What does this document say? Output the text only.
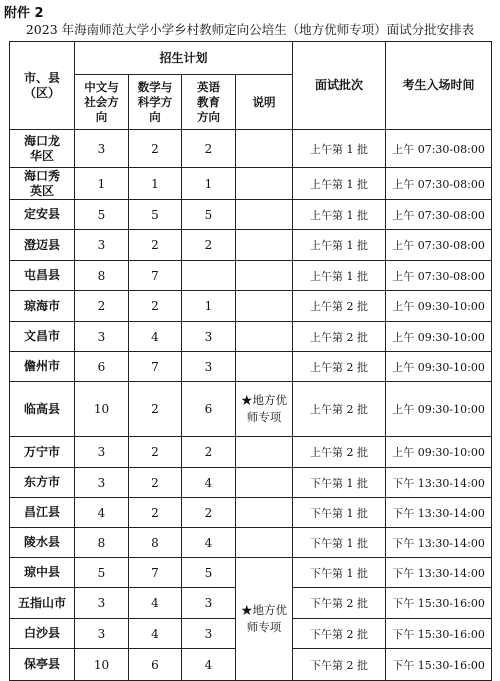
附件 2
2023 年海南师范大学小学乡村教师定向公培生（地方优师专项）面试分批安排表
市、县（区）	招生计划				面试批次	考生入场时间

	中文与社会方向	数学与科学方向	英语教育方向	说明		

海口龙华区	3	2	2		上午第 1 批	上午 07:30-08:00

海口秀英区	1	1	1		上午第 1 批	上午 07:30-08:00
定安县	5	5	5		上午第 1 批	上午 07:30-08:00
澄迈县	3	2	2		上午第 1 批	上午 07:30-08:00
屯昌县	8	7			上午第 1 批	上午 07:30-08:00
琼海市	2	2	1		上午第 2 批	上午 09:30-10:00
文昌市	3	4	3		上午第 2 批	上午 09:30-10:00
儋州市	6	7	3		上午第 2 批	上午 09:30-10:00
临高县	10	2	6	★地方优师专项	上午第 2 批	上午 09:30-10:00
万宁市	3	2	2		上午第 2 批	上午 09:30-10:00
东方市	3	2	4		下午第 1 批	下午 13:30-14:00
昌江县	4	2	2		下午第 1 批	下午 13:30-14:00
陵水县	8	8	4		下午第 1 批	下午 13:30-14:00
琼中县	5	7	5	★地方优师专项	下午第 1 批	下午 13:30-14:00
五指山市	3	4	3		下午第 2 批	下午 15:30-16:00
白沙县	3	4	3		下午第 2 批	下午 15:30-16:00
保亭县	10	6	4		下午第 2 批	下午 15:30-16:00
